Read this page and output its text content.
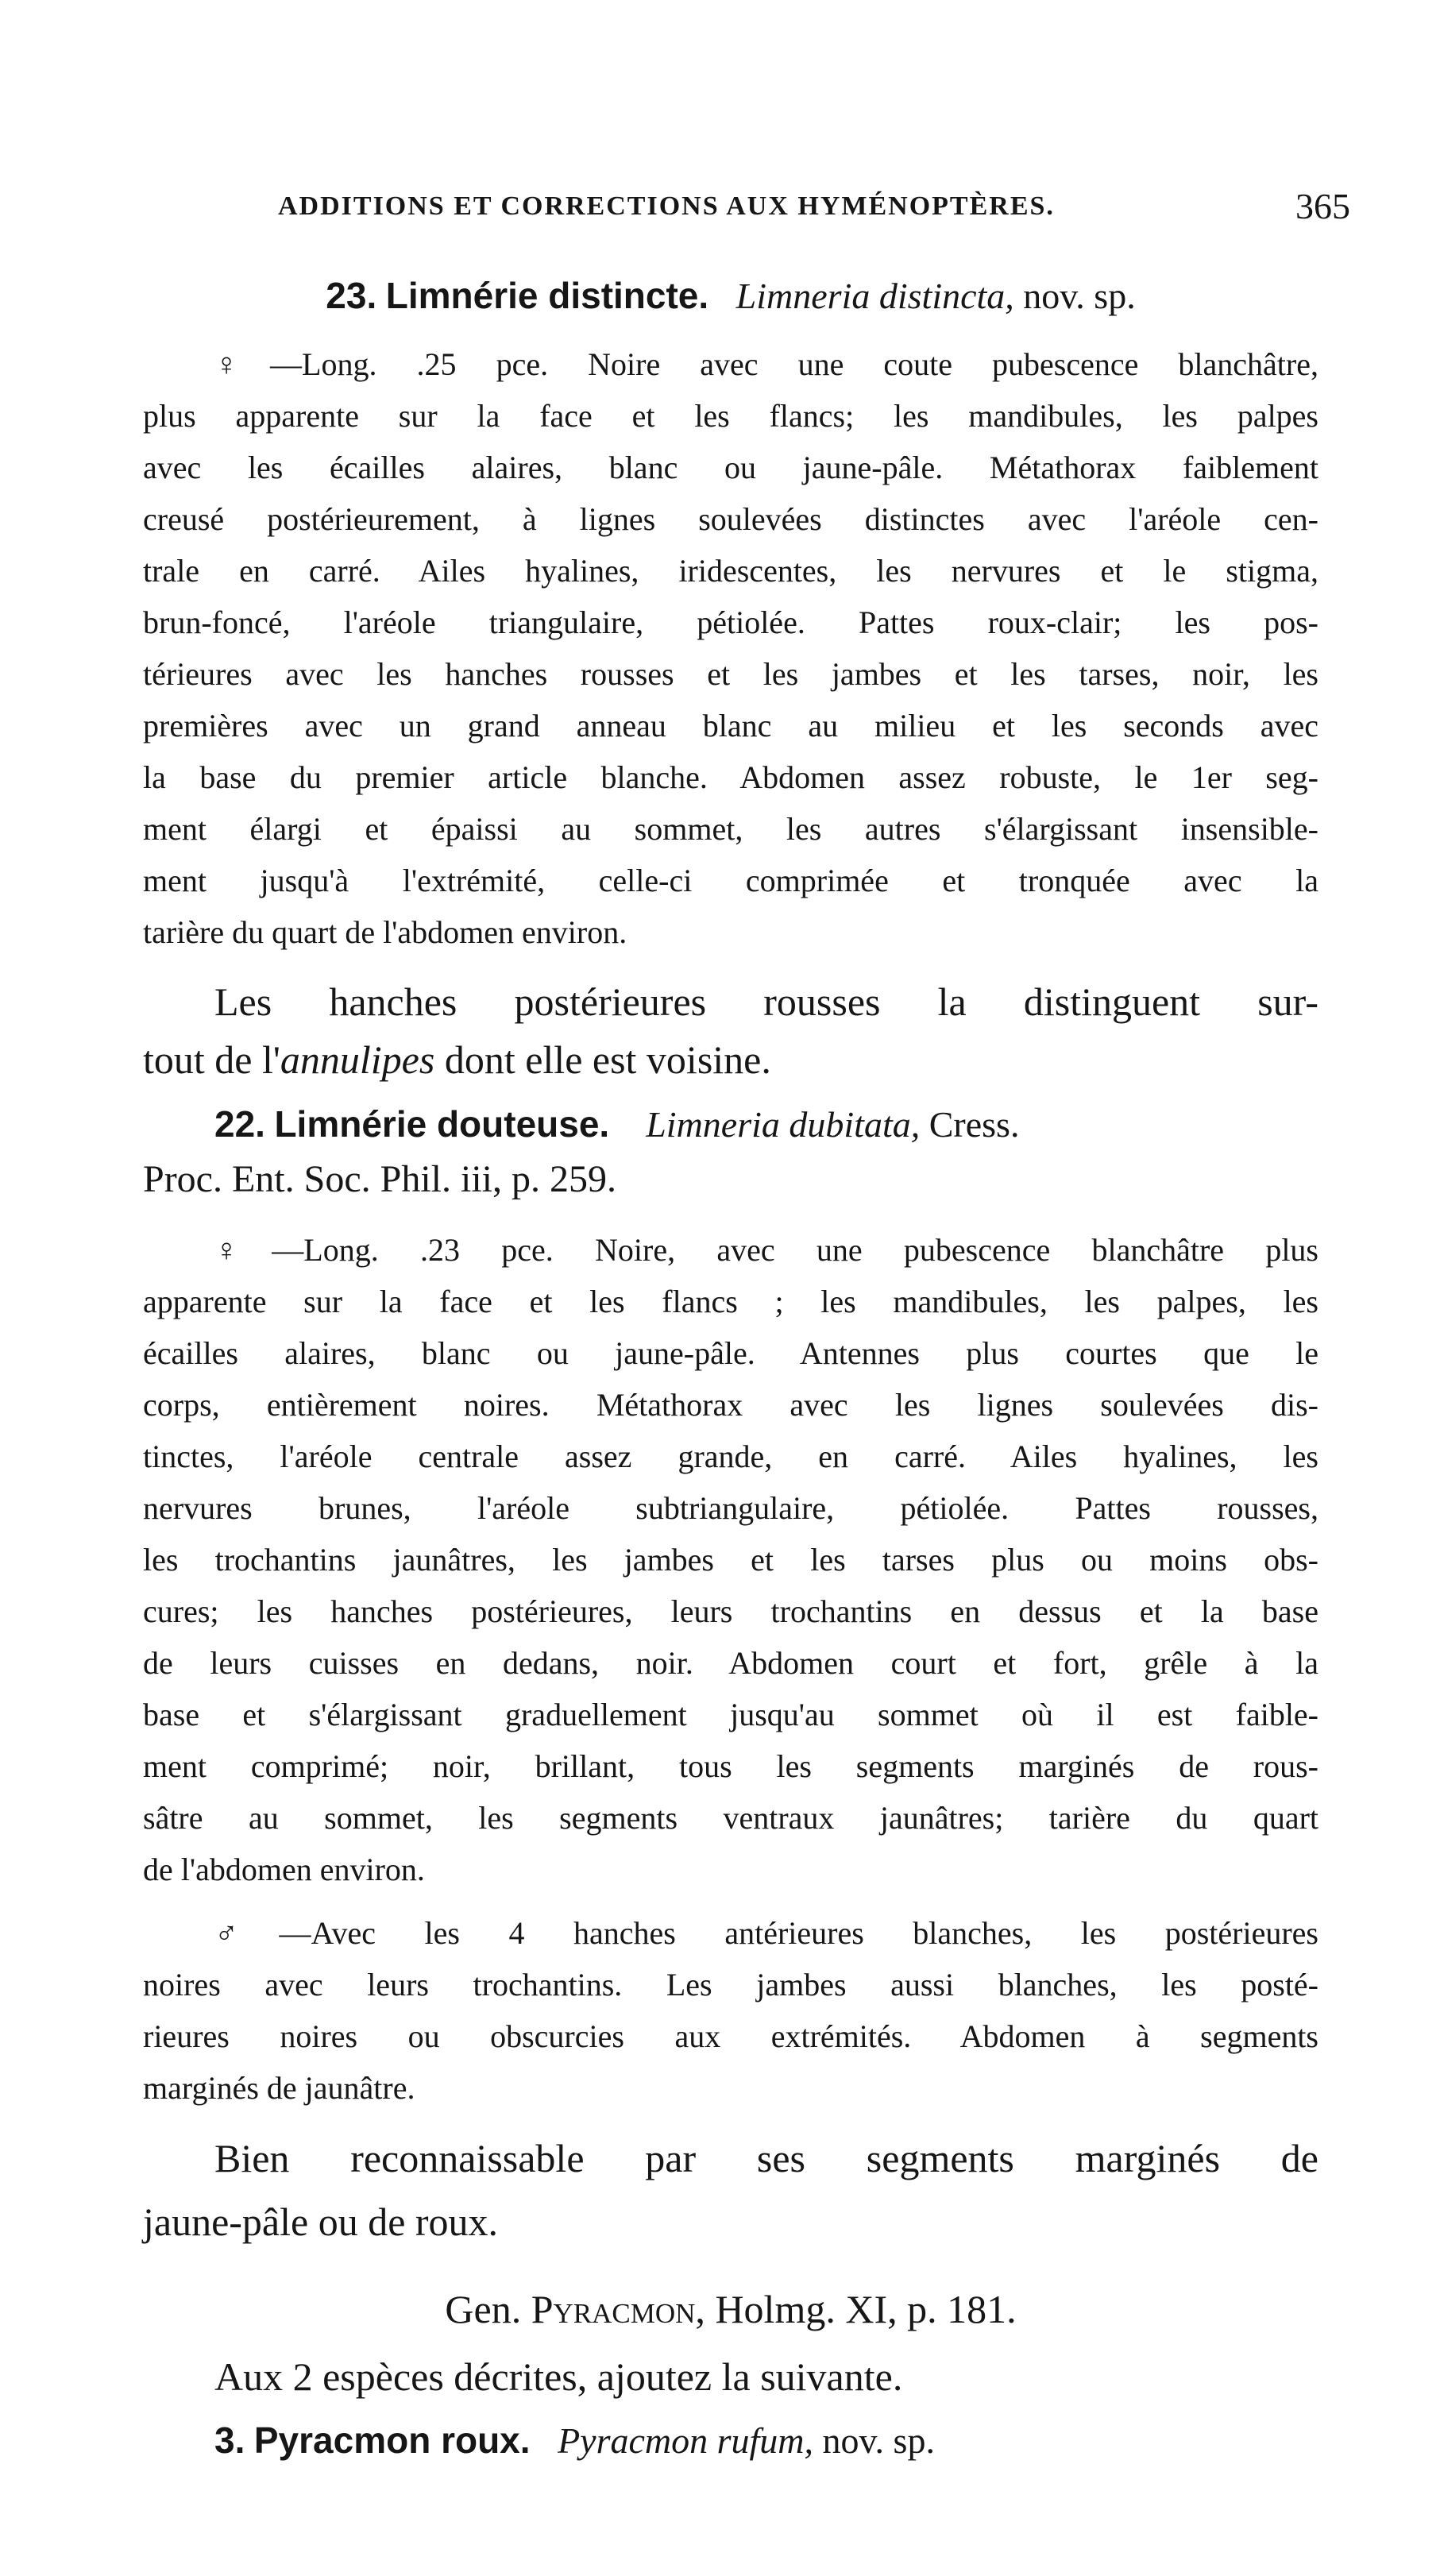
ADDITIONS ET CORRECTIONS AUX HYMÉNOPTÈRES.	365
23. Limnérie distincte. Limneria distincta, nov. sp.
♀—Long. .25 pce. Noire avec une coute pubescence blanchâtre,
plus apparente sur la face et les flancs; les mandibules, les palpes
avec les écailles alaires, blanc ou jaune-pâle. Métathorax faiblement
creusé postérieurement, à lignes soulevées distinctes avec l'aréole cen-
trale en carré. Ailes hyalines, iridescentes, les nervures et le stigma,
brun-foncé, l'aréole triangulaire, pétiolée. Pattes roux-clair; les pos-
térieures avec les hanches rousses et les jambes et les tarses, noir, les
premières avec un grand anneau blanc au milieu et les seconds avec
la base du premier article blanche. Abdomen assez robuste, le 1er seg-
ment élargi et épaissi au sommet, les autres s'élargissant insensible-
ment jusqu'à l'extrémité, celle-ci comprimée et tronquée avec la
tarière du quart de l'abdomen environ.
Les hanches postérieures rousses la distinguent sur-
tout de l'annulipes dont elle est voisine.
22. Limnérie douteuse. Limneria dubitata, Cress.
Proc. Ent. Soc. Phil. iii, p. 259.
♀—Long. .23 pce. Noire, avec une pubescence blanchâtre plus
apparente sur la face et les flancs ; les mandibules, les palpes, les
écailles alaires, blanc ou jaune-pâle. Antennes plus courtes que le
corps, entièrement noires. Métathorax avec les lignes soulevées dis-
tinctes, l'aréole centrale assez grande, en carré. Ailes hyalines, les
nervures brunes, l'aréole subtriangulaire, pétiolée. Pattes rousses,
les trochantins jaunâtres, les jambes et les tarses plus ou moins obs-
cures; les hanches postérieures, leurs trochantins en dessus et la base
de leurs cuisses en dedans, noir. Abdomen court et fort, grêle à la
base et s'élargissant graduellement jusqu'au sommet où il est faible-
ment comprimé; noir, brillant, tous les segments marginés de rous-
sâtre au sommet, les segments ventraux jaunâtres; tarière du quart
de l'abdomen environ.
♂—Avec les 4 hanches antérieures blanches, les postérieures
noires avec leurs trochantins. Les jambes aussi blanches, les posté-
rieures noires ou obscurcies aux extrémités. Abdomen à segments
marginés de jaunâtre.
Bien reconnaissable par ses segments marginés de
jaune-pâle ou de roux.
Gen. Pyracmon, Holmg. XI, p. 181.
Aux 2 espèces décrites, ajoutez la suivante.
3. Pyracmon roux. Pyracmon rufum, nov. sp.
